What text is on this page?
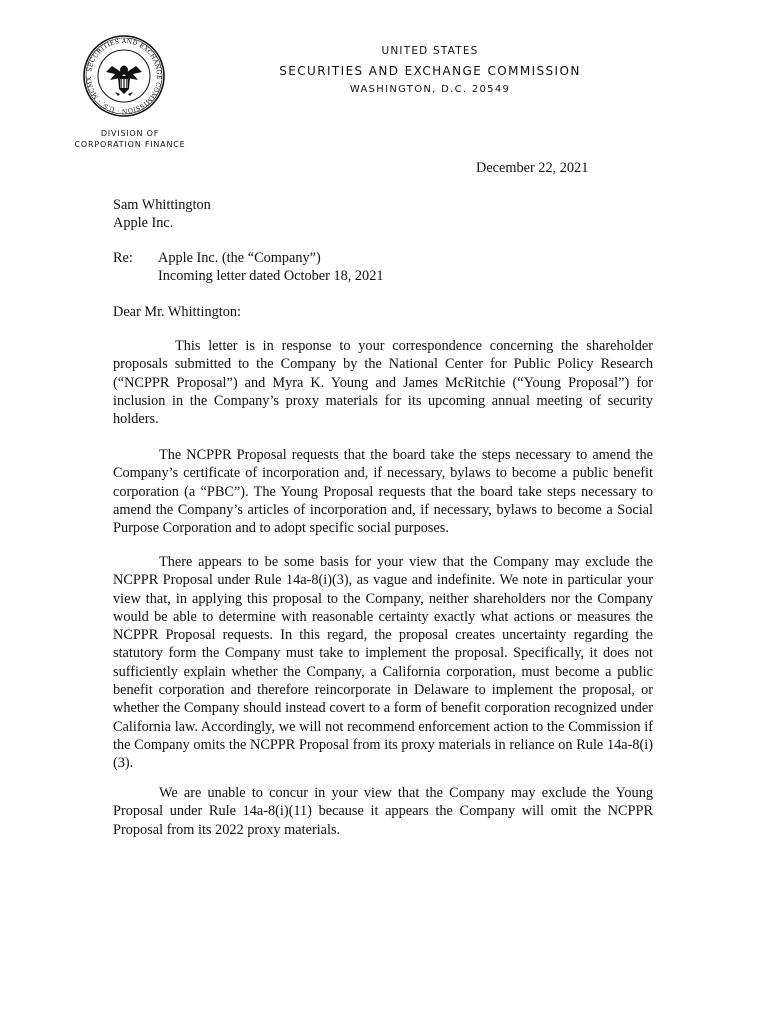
SECURITIES AND EXCHANGE COMMISSION · U.S. · MCMX
UNITED STATES
SECURITIES AND EXCHANGE COMMISSION
WASHINGTON, D.C. 20549
DIVISION OF
CORPORATION FINANCE
December 22, 2021
Sam Whittington
Apple Inc.
Re: Apple Inc. (the “Company”)
Incoming letter dated October 18, 2021
Dear Mr. Whittington:

This letter is in response to your correspondence concerning the shareholder proposals submitted to the Company by the National Center for Public Policy Research (“NCPPR Proposal”) and Myra K. Young and James McRitchie (“Young Proposal”) for inclusion in the Company’s proxy materials for its upcoming annual meeting of security holders.

The NCPPR Proposal requests that the board take the steps necessary to amend the Company’s certificate of incorporation and, if necessary, bylaws to become a public benefit corporation (a “PBC”). The Young Proposal requests that the board take steps necessary to amend the Company’s articles of incorporation and, if necessary, bylaws to become a Social Purpose Corporation and to adopt specific social purposes.

There appears to be some basis for your view that the Company may exclude the NCPPR Proposal under Rule 14a-8(i)(3), as vague and indefinite. We note in particular your view that, in applying this proposal to the Company, neither shareholders nor the Company would be able to determine with reasonable certainty exactly what actions or measures the NCPPR Proposal requests. In this regard, the proposal creates uncertainty regarding the statutory form the Company must take to implement the proposal. Specifically, it does not sufficiently explain whether the Company, a California corporation, must become a public benefit corporation and therefore reincorporate in Delaware to implement the proposal, or whether the Company should instead covert to a form of benefit corporation recognized under California law. Accordingly, we will not recommend enforcement action to the Commission if the Company omits the NCPPR Proposal from its proxy materials in reliance on Rule 14a-8(i)(3).

We are unable to concur in your view that the Company may exclude the Young Proposal under Rule 14a-8(i)(11) because it appears the Company will omit the NCPPR Proposal from its 2022 proxy materials.
